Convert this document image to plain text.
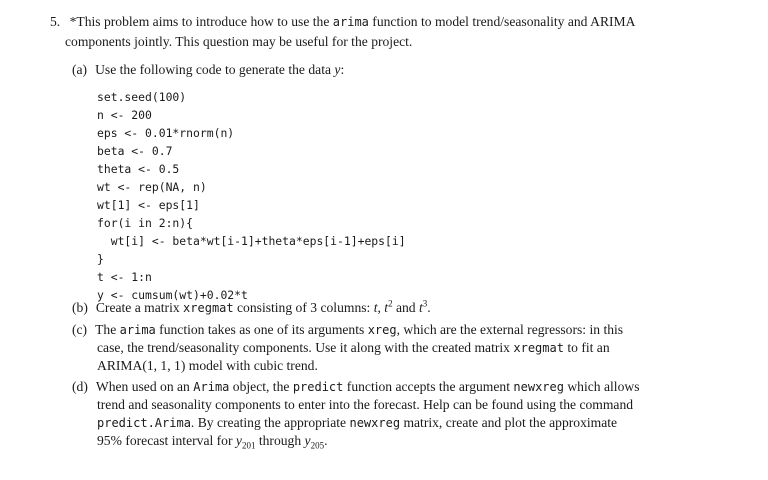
5. *This problem aims to introduce how to use the arima function to model trend/seasonality and ARIMA
components jointly. This question may be useful for the project.
(a) Use the following code to generate the data y:
set.seed(100)
n <- 200
eps <- 0.01*rnorm(n)
beta <- 0.7
theta <- 0.5
wt <- rep(NA, n)
wt[1] <- eps[1]
for(i in 2:n){
wt[i] <- beta*wt[i-1]+theta*eps[i-1]+eps[i]
}
t <- 1:n
y <- cumsum(wt)+0.02*t
(b) Create a matrix xregmat consisting of 3 columns: t, $t^2$ and $t^3$.
(c) The arima function takes as one of its arguments xreg, which are the external regressors: in this
case, the trend/seasonality components. Use it along with the created matrix xregmat to fit an
ARIMA(1, 1, 1) model with cubic trend.
(d) When used on an Arima object, the predict function accepts the argument newxreg which allows
trend and seasonality components to enter into the forecast. Help can be found using the command
predict.Arima. By creating the appropriate newxreg matrix, create and plot the approximate
95% forecast interval for $y_{201}$ through $y_{205}$.
